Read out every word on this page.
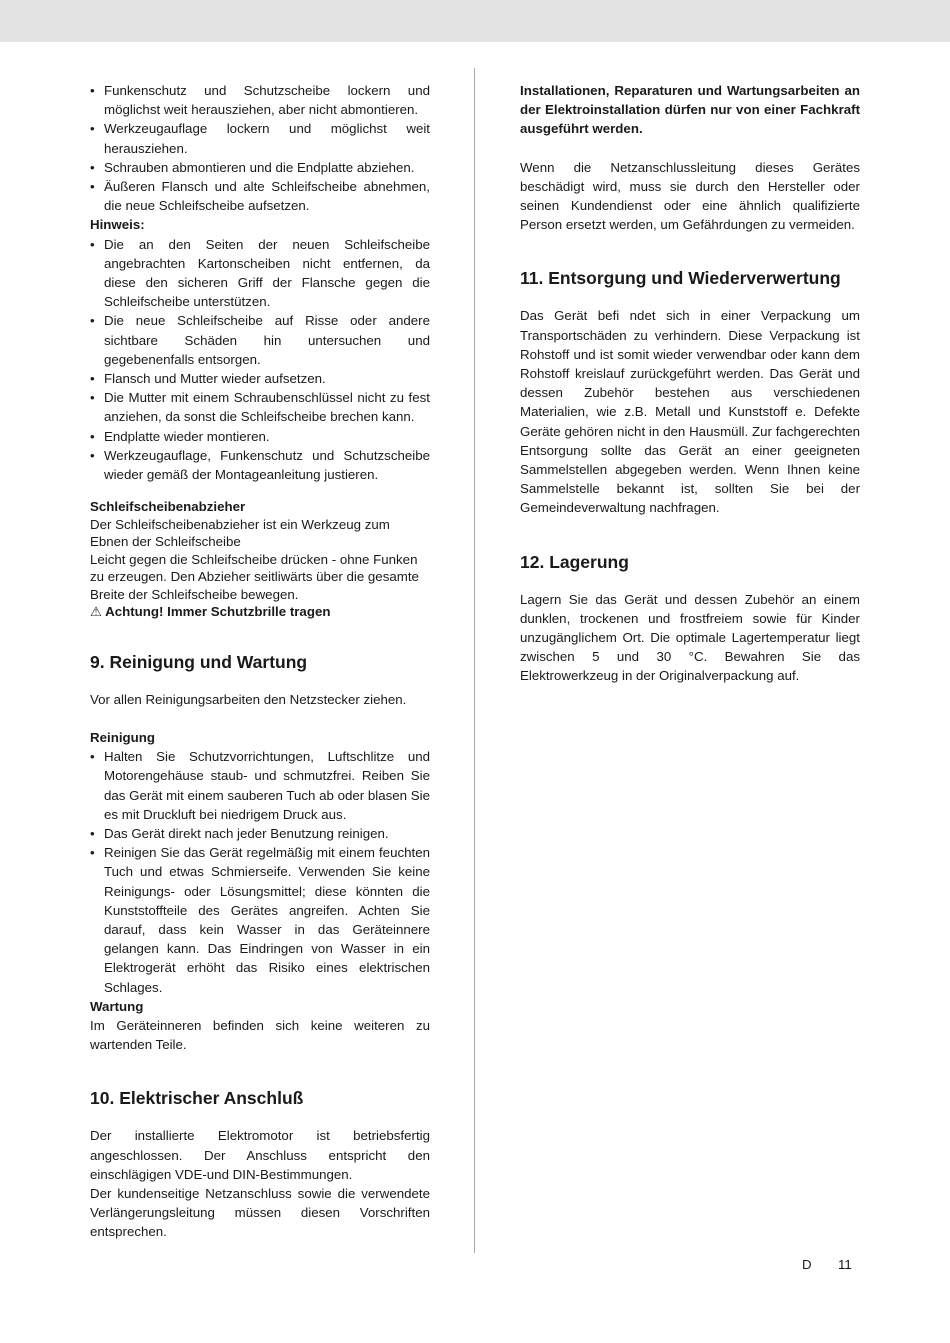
• Funkenschutz und Schutzscheibe lockern und möglichst weit herausziehen, aber nicht abmontieren.
• Werkzeugauflage lockern und möglichst weit herausziehen.
• Schrauben abmontieren und die Endplatte abziehen.
• Äußeren Flansch und alte Schleifscheibe abnehmen, die neue Schleifscheibe aufsetzen.

Hinweis:

• Die an den Seiten der neuen Schleifscheibe angebrachten Kartonscheiben nicht entfernen, da diese den sicheren Griff der Flansche gegen die Schleifscheibe unterstützen.
• Die neue Schleifscheibe auf Risse oder andere sichtbare Schäden hin untersuchen und gegebenenfalls entsorgen.
• Flansch und Mutter wieder aufsetzen.
• Die Mutter mit einem Schraubenschlüssel nicht zu fest anziehen, da sonst die Schleifscheibe brechen kann.
• Endplatte wieder montieren.
• Werkzeugauflage, Funkenschutz und Schutzscheibe wieder gemäß der Montageanleitung justieren.

Schleifscheibenabzieher

Der Schleifscheibenabzieher ist ein Werkzeug zum Ebnen der Schleifscheibe

Leicht gegen die Schleifscheibe drücken - ohne Funken zu erzeugen. Den Abzieher seitliwärts über die gesamte Breite der Schleifscheibe bewegen.

⚠ Achtung! Immer Schutzbrille tragen

9. Reinigung und Wartung

Vor allen Reinigungsarbeiten den Netzstecker ziehen.

Reinigung

• Halten Sie Schutzvorrichtungen, Luftschlitze und Motorengehäuse staub- und schmutzfrei. Reiben Sie das Gerät mit einem sauberen Tuch ab oder blasen Sie es mit Druckluft bei niedrigem Druck aus.
• Das Gerät direkt nach jeder Benutzung reinigen.
• Reinigen Sie das Gerät regelmäßig mit einem feuchten Tuch und etwas Schmierseife. Verwenden Sie keine Reinigungs- oder Lösungsmittel; diese könnten die Kunststoffteile des Gerätes angreifen. Achten Sie darauf, dass kein Wasser in das Geräteinnere gelangen kann. Das Eindringen von Wasser in ein Elektrogerät erhöht das Risiko eines elektrischen Schlages.

Wartung

Im Geräteinneren befinden sich keine weiteren zu wartenden Teile.

10. Elektrischer Anschluß

Der installierte Elektromotor ist betriebsfertig angeschlossen. Der Anschluss entspricht den einschlägigen VDE-und DIN-Bestimmungen.

Der kundenseitige Netzanschluss sowie die verwendete Verlängerungsleitung müssen diesen Vorschriften entsprechen.

Installationen, Reparaturen und Wartungsarbeiten an der Elektroinstallation dürfen nur von einer Fachkraft ausgeführt werden.

Wenn die Netzanschlussleitung dieses Gerätes beschädigt wird, muss sie durch den Hersteller oder seinen Kundendienst oder eine ähnlich qualifizierte Person ersetzt werden, um Gefährdungen zu vermeiden.

11. Entsorgung und Wiederverwertung

Das Gerät befi ndet sich in einer Verpackung um Transportschäden zu verhindern. Diese Verpackung ist Rohstoff und ist somit wieder verwendbar oder kann dem Rohstoff kreislauf zurückgeführt werden. Das Gerät und dessen Zubehör bestehen aus verschiedenen Materialien, wie z.B. Metall und Kunststoff e. Defekte Geräte gehören nicht in den Hausmüll. Zur fachgerechten Entsorgung sollte das Gerät an einer geeigneten Sammelstellen abgegeben werden. Wenn Ihnen keine Sammelstelle bekannt ist, sollten Sie bei der Gemeindeverwaltung nachfragen.

12. Lagerung

Lagern Sie das Gerät und dessen Zubehör an einem dunklen, trockenen und frostfreiem sowie für Kinder unzugänglichem Ort. Die optimale Lagertemperatur liegt zwischen 5 und 30 °C. Bewahren Sie das Elektrowerkzeug in der Originalverpackung auf.

D 11
